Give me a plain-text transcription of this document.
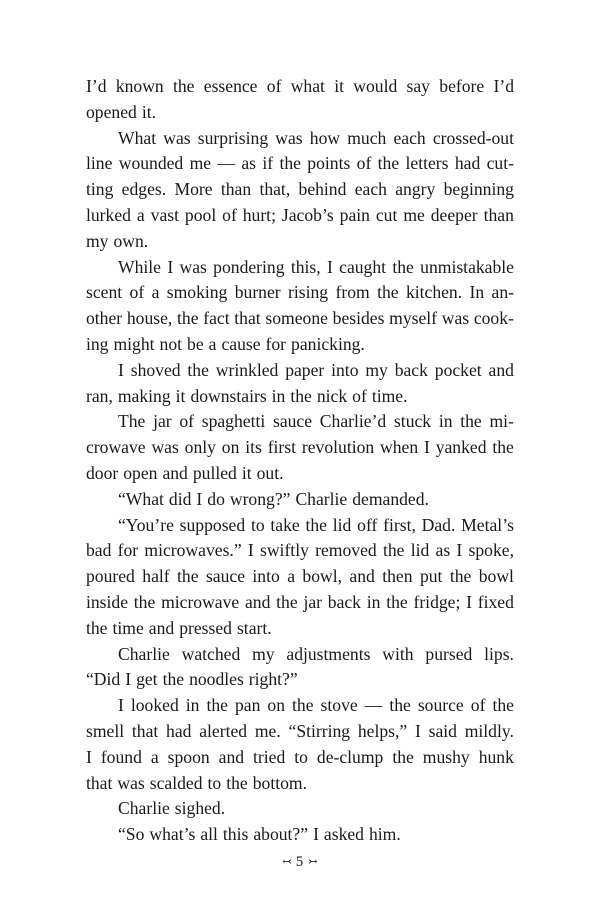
I’d known the essence of what it would say before I’d
opened it.
What was surprising was how much each crossed-out
line wounded me — as if the points of the letters had cut-
ting edges. More than that, behind each angry beginning
lurked a vast pool of hurt; Jacob’s pain cut me deeper than
my own.
While I was pondering this, I caught the unmistakable
scent of a smoking burner rising from the kitchen. In an-
other house, the fact that someone besides myself was cook-
ing might not be a cause for panicking.
I shoved the wrinkled paper into my back pocket and
ran, making it downstairs in the nick of time.
The jar of spaghetti sauce Charlie’d stuck in the mi-
crowave was only on its first revolution when I yanked the
door open and pulled it out.
“What did I do wrong?” Charlie demanded.
“You’re supposed to take the lid off first, Dad. Metal’s
bad for microwaves.” I swiftly removed the lid as I spoke,
poured half the sauce into a bowl, and then put the bowl
inside the microwave and the jar back in the fridge; I fixed
the time and pressed start.
Charlie watched my adjustments with pursed lips.
“Did I get the noodles right?”
I looked in the pan on the stove — the source of the
smell that had alerted me. “Stirring helps,” I said mildly.
I found a spoon and tried to de-clump the mushy hunk
that was scalded to the bottom.
Charlie sighed.
“So what’s all this about?” I asked him.
↢ 5 ↣
